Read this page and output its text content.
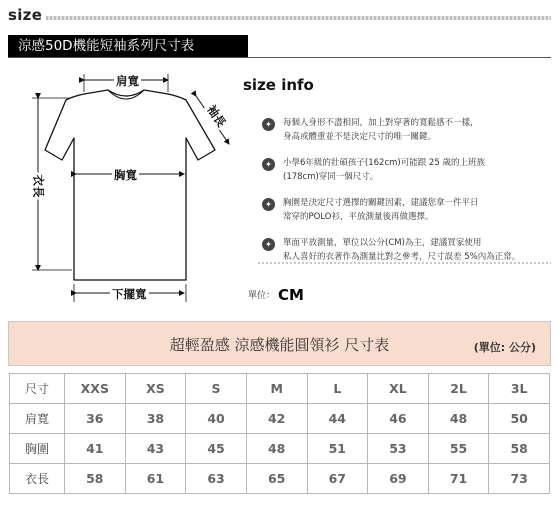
size
涼感50D機能短袖系列尺寸表
肩寬
袖長
胸寬
衣長
下擺寬
size info
✦	每個人身形不盡相同，加上對穿著的寬鬆感不一樣，

身高或體重並不是決定尺寸的唯一關鍵。

✦	小學6年級的壯碩孩子(162cm)可能跟 25 歲的上班族

(178cm)穿同一個尺寸。

✦	胸圍是決定尺寸選擇的關鍵因素，建議您拿一件平日

常穿的POLO衫，平放測量後再做選擇。

✦	單面平放測量，單位以公分(CM)為主，建議買家使用

私人喜好的衣著作為測量比對之參考，尺寸誤差 5%內為正常。

單位： CM
超輕盈感 涼感機能圓領衫 尺寸表	(單位: 公分)
尺寸	XXS	XS	S	M	L	XL	2L	3L
肩寬	36	38	40	42	44	46	48	50
胸圍	41	43	45	48	51	53	55	58
衣長	58	61	63	65	67	69	71	73
